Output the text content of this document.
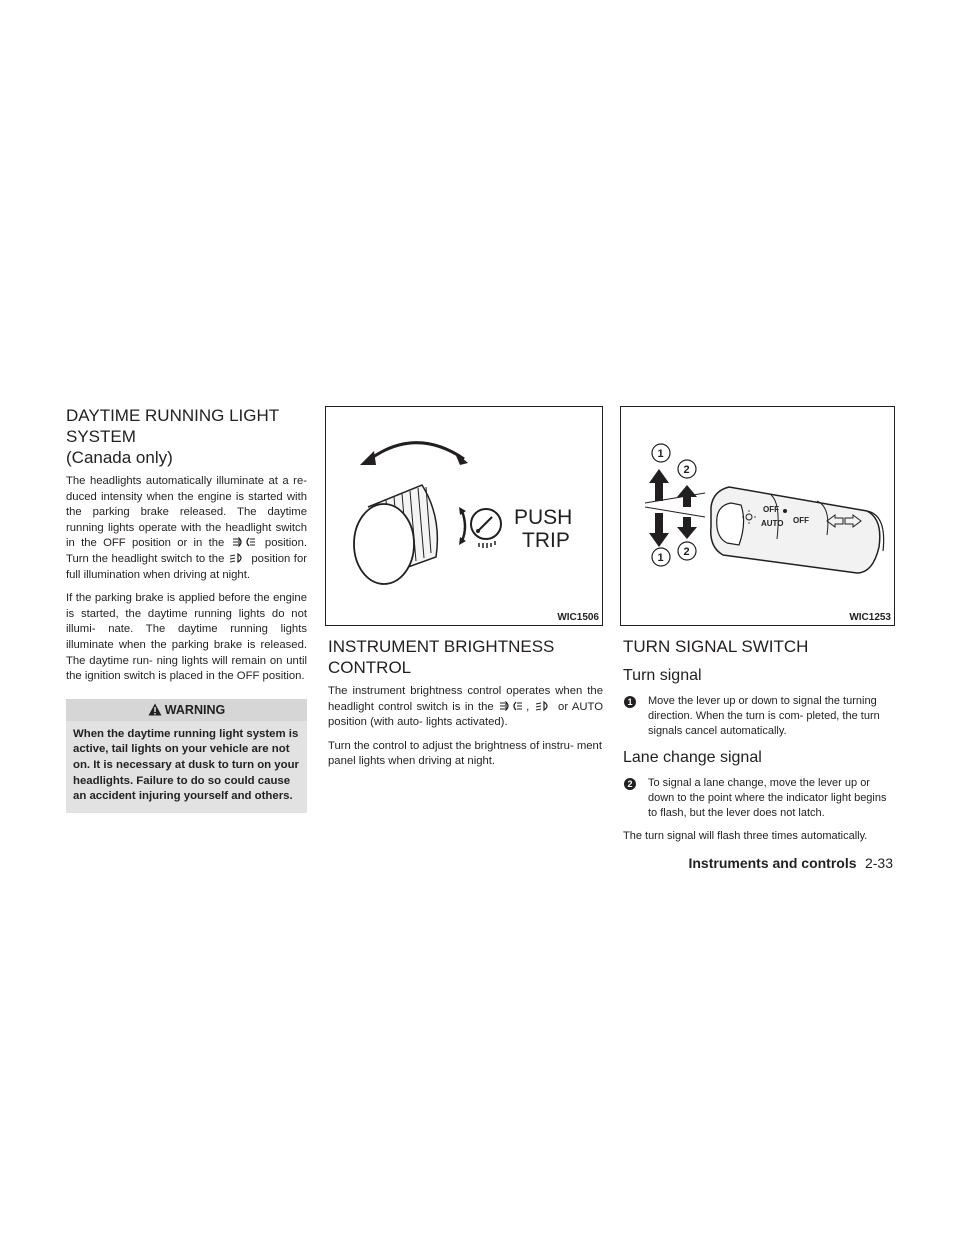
DAYTIME RUNNING LIGHT SYSTEM
(Canada only)

The headlights automatically illuminate at a re- duced intensity when the engine is started with the parking brake released. The daytime running lights operate with the headlight switch in the OFF position or in the	position. Turn the headlight switch to the position for full illumination when driving at night.

If the parking brake is applied before the engine is started, the daytime running lights do not illumi- nate. The daytime running lights illuminate when the parking brake is released. The daytime run- ning lights will remain on until the ignition switch is placed in the OFF position.

WARNING
When the daytime running light system is active, tail lights on your vehicle are not on. It is necessary at dusk to turn on your headlights. Failure to do so could cause an accident injuring yourself and others.
PUSH
TRIP
WIC1506
INSTRUMENT BRIGHTNESS
CONTROL

The instrument brightness control operates when the headlight control switch is in the	,	or AUTO position (with auto- lights activated).

Turn the control to adjust the brightness of instru- ment panel lights when driving at night.

1
2
1 2
OFF
AUTO OFF
WIC1253
TURN SIGNAL SWITCH
Turn signal
1	Move the lever up or down to signal the turning direction. When the turn is com- pleted, the turn signals cancel automatically.
Lane change signal
2	To signal a lane change, move the lever up or down to the point where the indicator light begins to flash, but the lever does not latch.

The turn signal will flash three times automatically.

Instruments and controls 2-33
